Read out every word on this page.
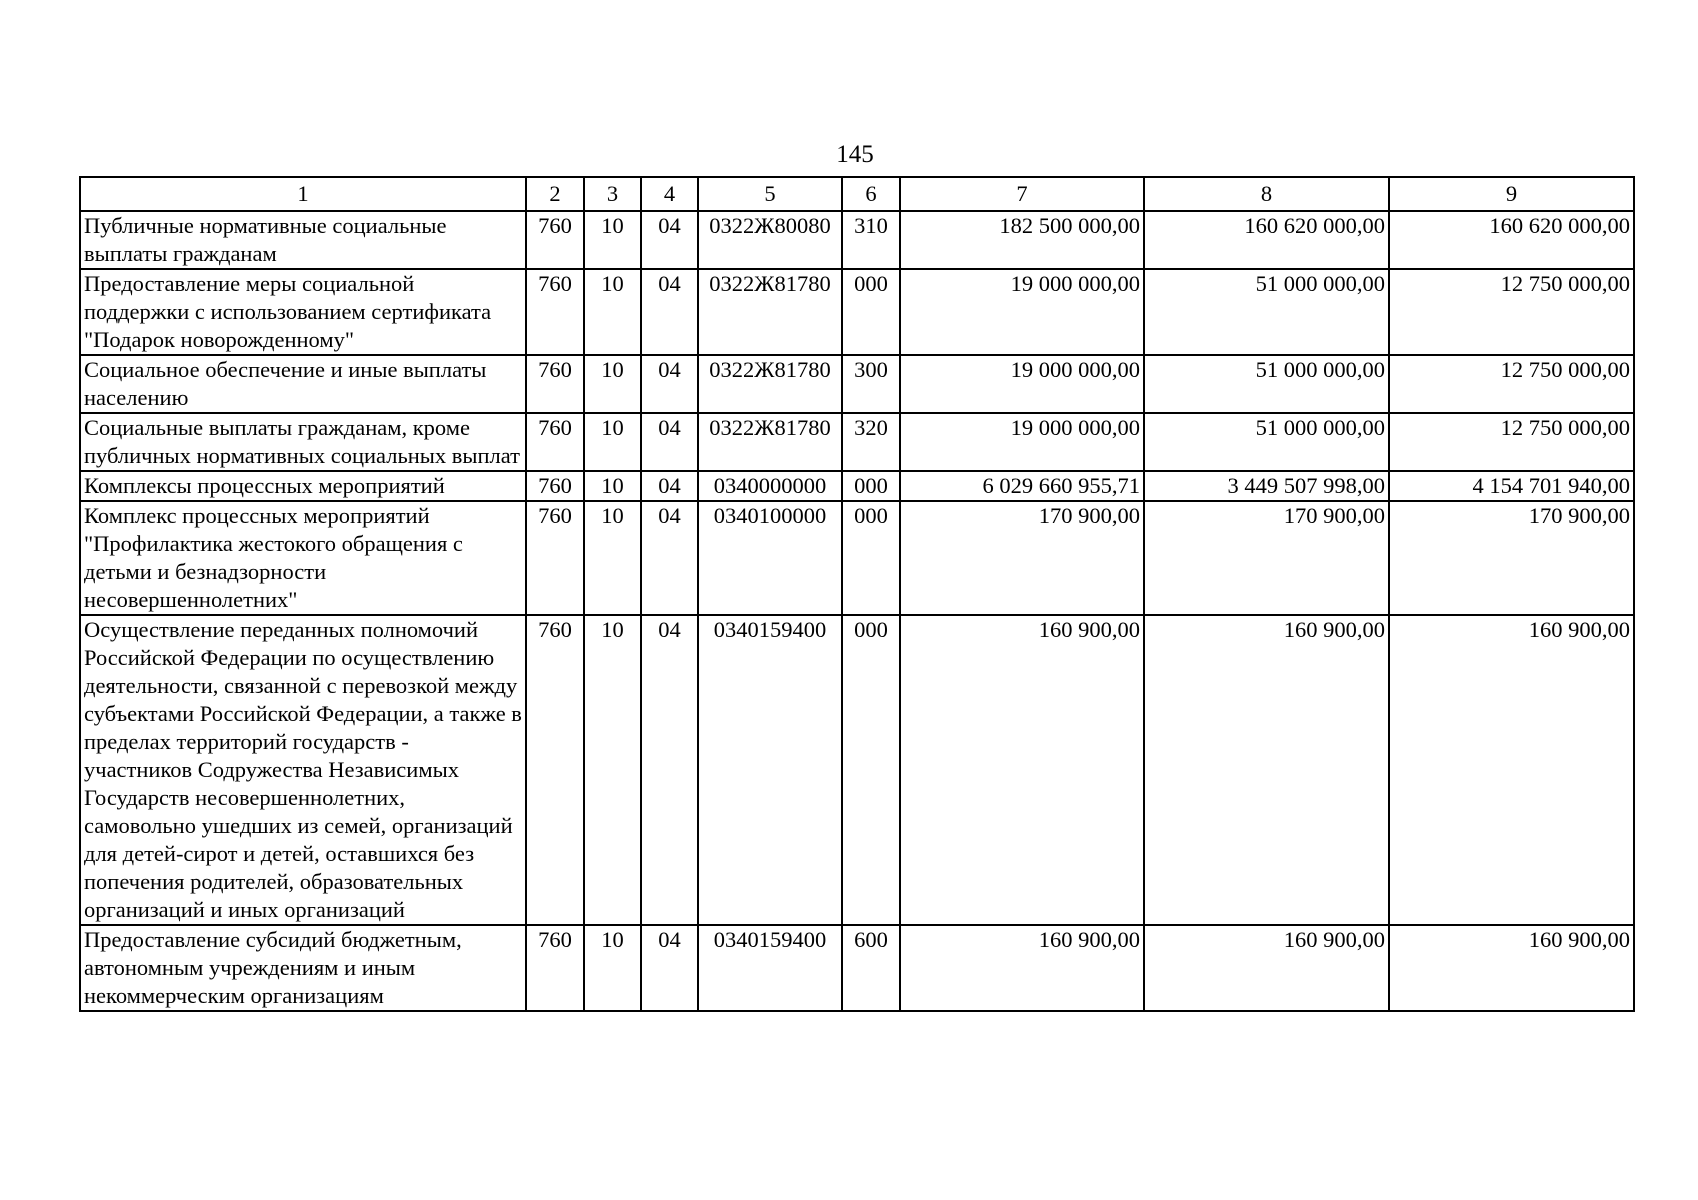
145
1	2	3	4	5	6	7	8	9
Публичные нормативные социальные выплаты гражданам	760	10	04	0322Ж80080	310	182 500 000,00	160 620 000,00	160 620 000,00
Предоставление меры социальной поддержки с использованием сертификата "Подарок новорожденному"	760	10	04	0322Ж81780	000	19 000 000,00	51 000 000,00	12 750 000,00
Социальное обеспечение и иные выплаты населению	760	10	04	0322Ж81780	300	19 000 000,00	51 000 000,00	12 750 000,00
Социальные выплаты гражданам, кроме публичных нормативных социальных выплат	760	10	04	0322Ж81780	320	19 000 000,00	51 000 000,00	12 750 000,00
Комплексы процессных мероприятий	760	10	04	0340000000	000	6 029 660 955,71	3 449 507 998,00	4 154 701 940,00
Комплекс процессных мероприятий "Профилактика жестокого обращения с детьми и безнадзорности несовершеннолетних"	760	10	04	0340100000	000	170 900,00	170 900,00	170 900,00
Осуществление переданных полномочий Российской Федерации по осуществлению деятельности, связанной с перевозкой между субъектами Российской Федерации, а также в пределах территорий государств - участников Содружества Независимых Государств несовершеннолетних, самовольно ушедших из семей, организаций для детей-сирот и детей, оставшихся без попечения родителей, образовательных организаций и иных организаций	760	10	04	0340159400	000	160 900,00	160 900,00	160 900,00
Предоставление субсидий бюджетным, автономным учреждениям и иным некоммерческим организациям	760	10	04	0340159400	600	160 900,00	160 900,00	160 900,00
